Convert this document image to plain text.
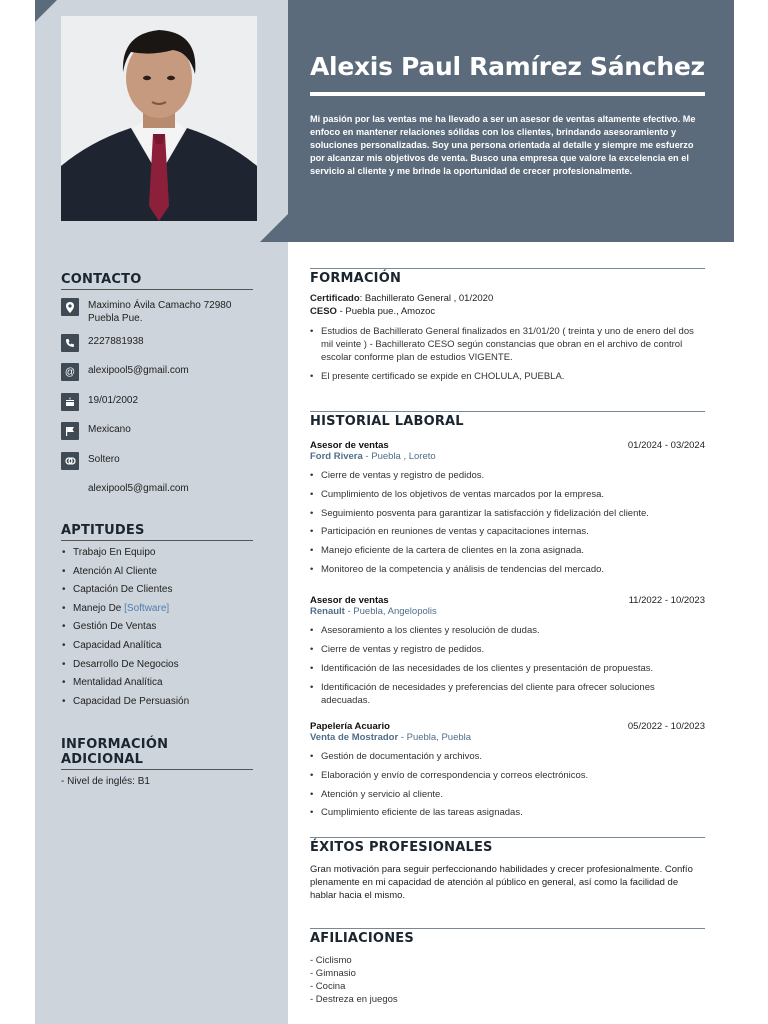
Alexis Paul Ramírez Sánchez
Mi pasión por las ventas me ha llevado a ser un asesor de ventas altamente efectivo. Me enfoco en mantener relaciones sólidas con los clientes, brindando asesoramiento y soluciones personalizadas. Soy una persona orientada al detalle y siempre me esfuerzo por alcanzar mis objetivos de venta. Busco una empresa que valore la excelencia en el servicio al cliente y me brinde la oportunidad de crecer profesionalmente.
CONTACTO
Maximino Ávila Camacho 72980 Puebla Pue.
2227881938
@	alexipool5@gmail.com
19/01/2002
Mexicano
Soltero
alexipool5@gmail.com
APTITUDES
• Trabajo En Equipo
• Atención Al Cliente
• Captación De Clientes
• Manejo De [Software]
• Gestión De Ventas
• Capacidad Analítica
• Desarrollo De Negocios
• Mentalidad Analítica
• Capacidad De Persuasión
INFORMACIÓN ADICIONAL
- Nivel de inglés: B1
FORMACIÓN
Certificado: Bachillerato General , 01/2020
CESO - Puebla pue., Amozoc
• Estudios de Bachillerato General finalizados en 31/01/20 ( treinta y uno de enero del dos mil veinte ) - Bachillerato CESO según constancias que obran en el archivo de control escolar conforme plan de estudios VIGENTE.
• El presente certificado se expide en CHOLULA, PUEBLA.
HISTORIAL LABORAL
Asesor de ventas	01/2024 - 03/2024
Ford Rivera - Puebla , Loreto
• Cierre de ventas y registro de pedidos.
• Cumplimiento de los objetivos de ventas marcados por la empresa.
• Seguimiento posventa para garantizar la satisfacción y fidelización del cliente.
• Participación en reuniones de ventas y capacitaciones internas.
• Manejo eficiente de la cartera de clientes en la zona asignada.
• Monitoreo de la competencia y análisis de tendencias del mercado.
Asesor de ventas	11/2022 - 10/2023
Renault - Puebla, Angelopolis
• Asesoramiento a los clientes y resolución de dudas.
• Cierre de ventas y registro de pedidos.
• Identificación de las necesidades de los clientes y presentación de propuestas.
• Identificación de necesidades y preferencias del cliente para ofrecer soluciones adecuadas.
Papelería Acuario	05/2022 - 10/2023
Venta de Mostrador - Puebla, Puebla
• Gestión de documentación y archivos.
• Elaboración y envío de correspondencia y correos electrónicos.
• Atención y servicio al cliente.
• Cumplimiento eficiente de las tareas asignadas.
ÉXITOS PROFESIONALES
Gran motivación para seguir perfeccionando habilidades y crecer profesionalmente. Confío plenamente en mi capacidad de atención al público en general, así como la facilidad de hablar hacia el mismo.
AFILIACIONES
- Ciclismo
- Gimnasio
- Cocina
- Destreza en juegos
